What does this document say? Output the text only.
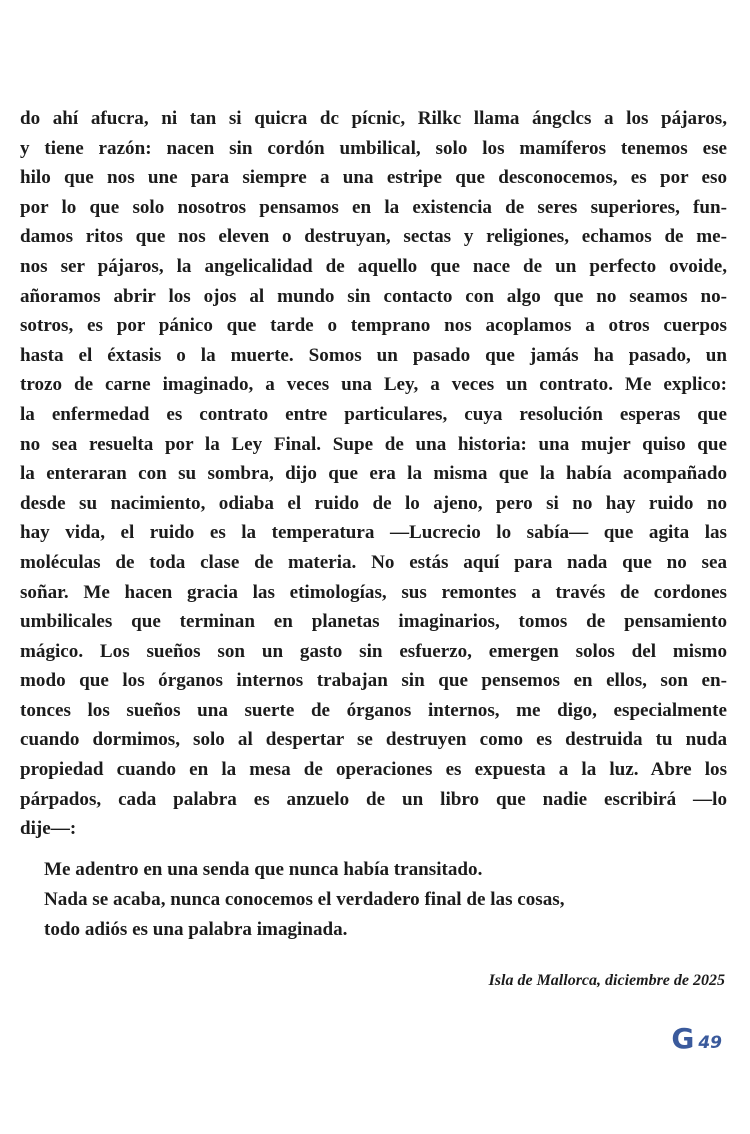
do ahí afucra, ni tan si quicra dc pícnic, Rilkc llama ángclcs a los pájaros,
y tiene razón: nacen sin cordón umbilical, solo los mamíferos tenemos ese
hilo que nos une para siempre a una estripe que desconocemos, es por eso
por lo que solo nosotros pensamos en la existencia de seres superiores, fun-
damos ritos que nos eleven o destruyan, sectas y religiones, echamos de me-
nos ser pájaros, la angelicalidad de aquello que nace de un perfecto ovoide,
añoramos abrir los ojos al mundo sin contacto con algo que no seamos no-
sotros, es por pánico que tarde o temprano nos acoplamos a otros cuerpos
hasta el éxtasis o la muerte. Somos un pasado que jamás ha pasado, un
trozo de carne imaginado, a veces una Ley, a veces un contrato. Me explico:
la enfermedad es contrato entre particulares, cuya resolución esperas que
no sea resuelta por la Ley Final. Supe de una historia: una mujer quiso que
la enteraran con su sombra, dijo que era la misma que la había acompañado
desde su nacimiento, odiaba el ruido de lo ajeno, pero si no hay ruido no
hay vida, el ruido es la temperatura —Lucrecio lo sabía— que agita las
moléculas de toda clase de materia. No estás aquí para nada que no sea
soñar. Me hacen gracia las etimologías, sus remontes a través de cordones
umbilicales que terminan en planetas imaginarios, tomos de pensamiento
mágico. Los sueños son un gasto sin esfuerzo, emergen solos del mismo
modo que los órganos internos trabajan sin que pensemos en ellos, son en-
tonces los sueños una suerte de órganos internos, me digo, especialmente
cuando dormimos, solo al despertar se destruyen como es destruida tu nuda
propiedad cuando en la mesa de operaciones es expuesta a la luz. Abre los
párpados, cada palabra es anzuelo de un libro que nadie escribirá —lo
dije—:
Me adentro en una senda que nunca había transitado.
Nada se acaba, nunca conocemos el verdadero final de las cosas,
todo adiós es una palabra imaginada.
Isla de Mallorca, diciembre de 2025
G 49
